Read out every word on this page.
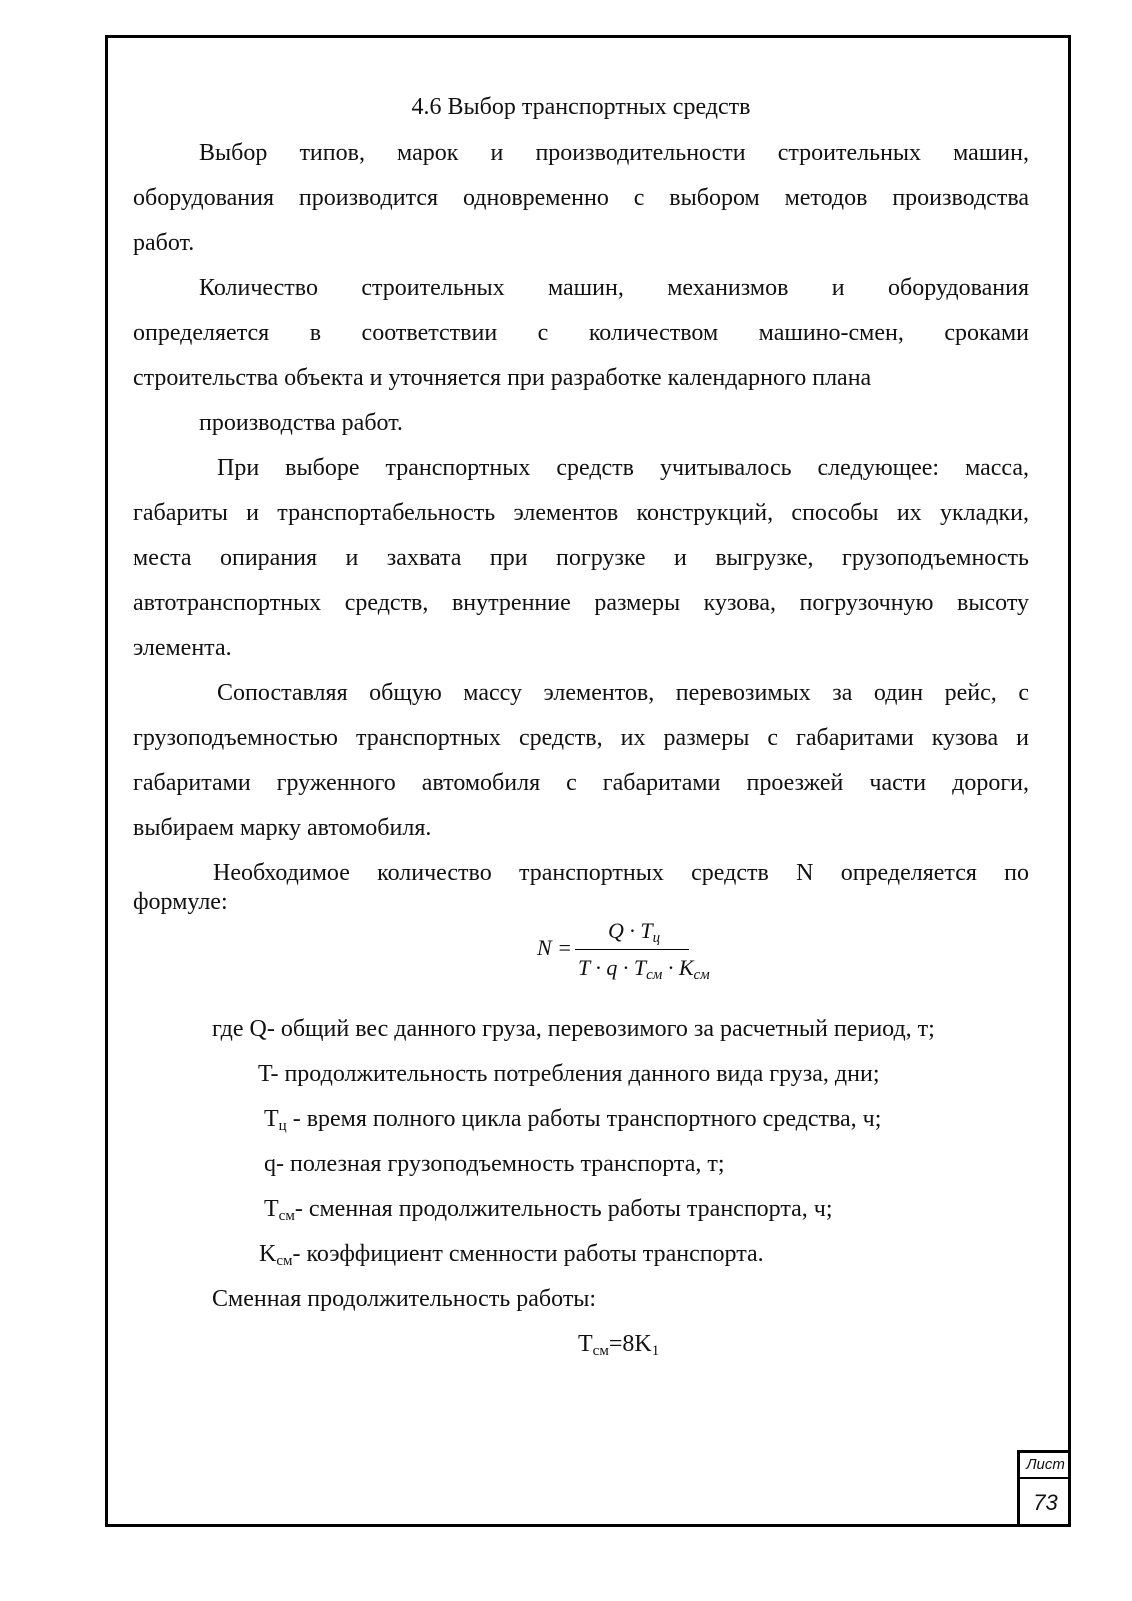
4.6 Выбор транспортных средств
Выбор типов, марок и производительности строительных машин,
оборудования производится одновременно с выбором методов производства
работ.
Количество строительных машин, механизмов и оборудования
определяется в соответствии с количеством машино-смен, сроками
строительства объекта и уточняется при разработке календарного плана
производства работ.
При выборе транспортных средств учитывалось следующее: масса,
габариты и транспортабельность элементов конструкций, способы их укладки,
места опирания и захвата при погрузке и выгрузке, грузоподъемность
автотранспортных средств, внутренние размеры кузова, погрузочную высоту
элемента.
Сопоставляя общую массу элементов, перевозимых за один рейс, с
грузоподъемностью транспортных средств, их размеры с габаритами кузова и
габаритами груженного автомобиля с габаритами проезжей части дороги,
выбираем марку автомобиля.
Необходимое количество транспортных средств N определяется по
формуле:
N =
$Q \cdot T_ц$
$T \cdot q \cdot T_{см} \cdot K_{см}$
где Q- общий вес данного груза, перевозимого за расчетный период, т;
T- продолжительность потребления данного вида груза, дни;
$T_ц$ - время полного цикла работы транспортного средства, ч;
q- полезная грузоподъемность транспорта, т;
$T_{см}-$ сменная продолжительность работы транспорта, ч;
$K_{см}-$ коэффициент сменности работы транспорта.
Сменная продолжительность работы:
$T_{см}=8K_1$
Лист
73
